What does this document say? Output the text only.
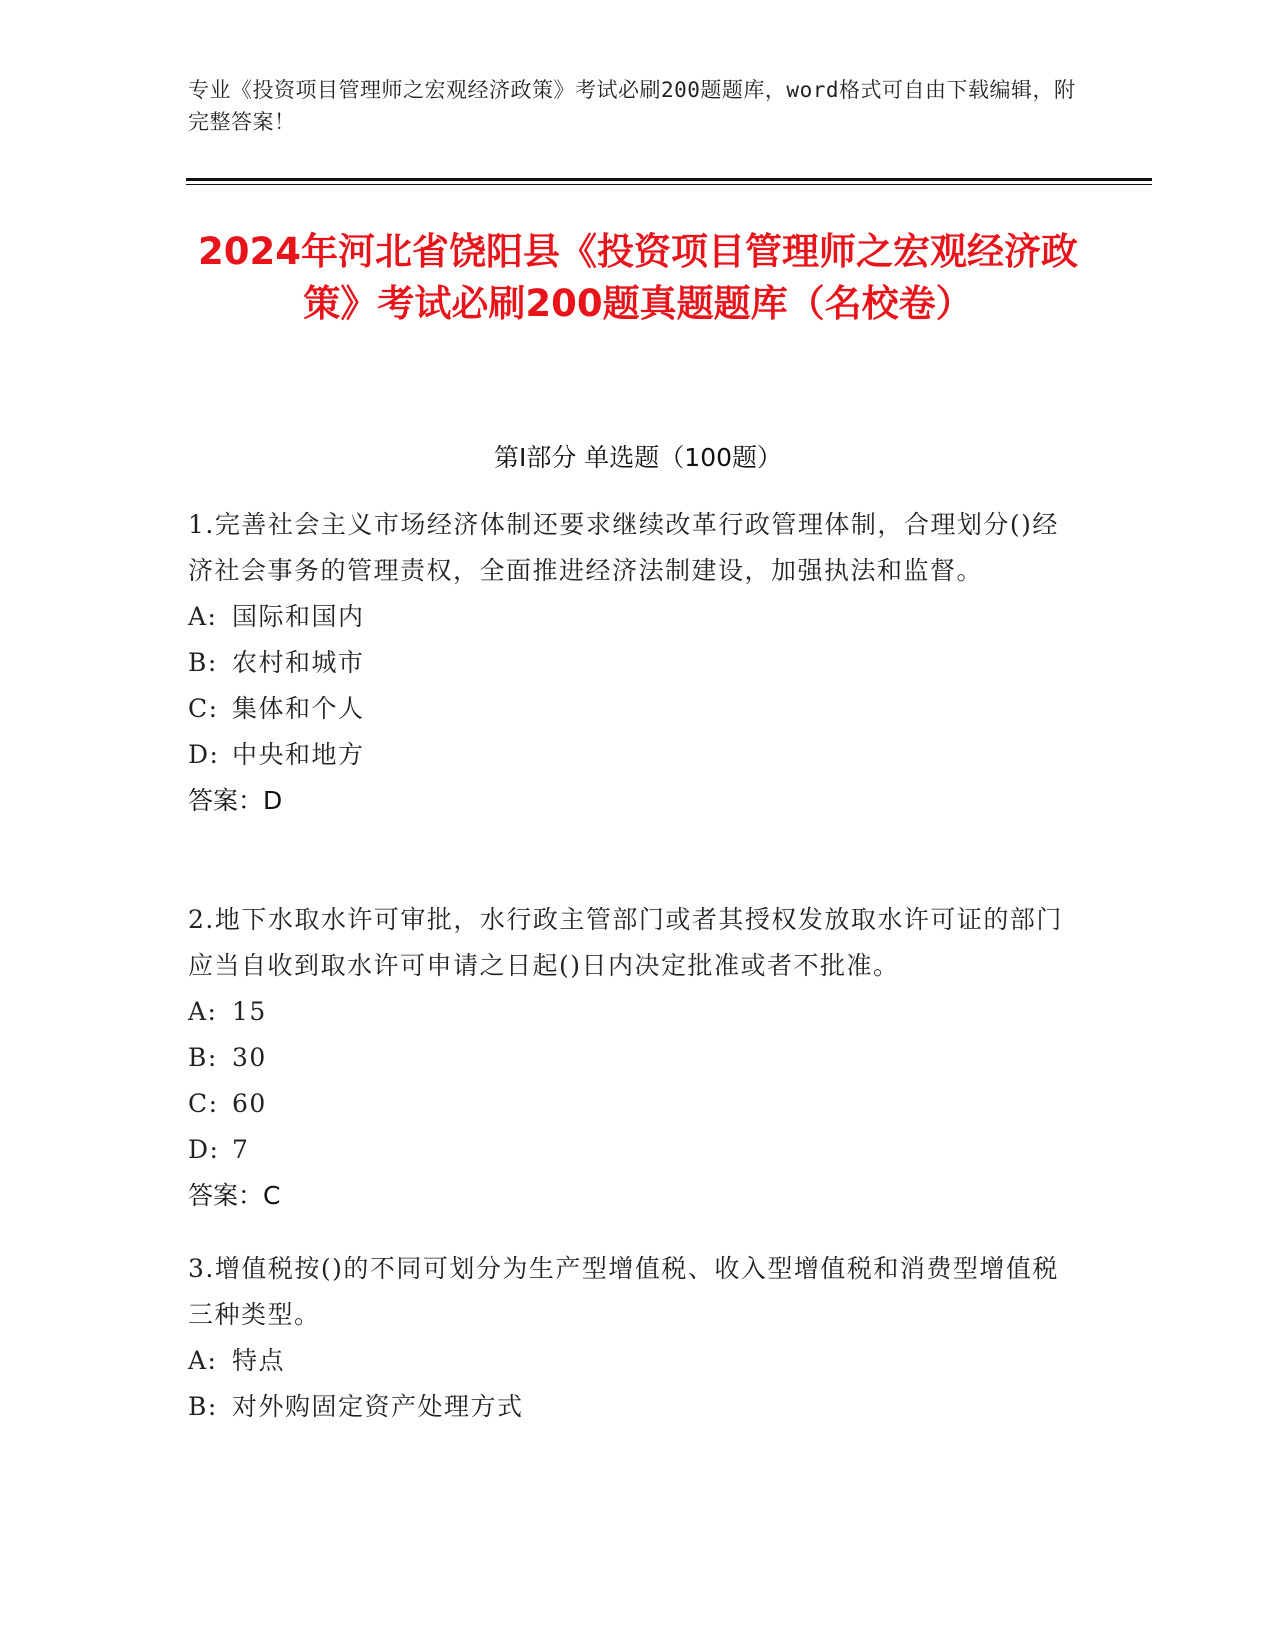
专业《投资项目管理师之宏观经济政策》考试必刷200题题库，word格式可自由下载编辑，附完整答案！
2024年河北省饶阳县《投资项目管理师之宏观经济政策》考试必刷200题真题题库（名校卷）
第I部分 单选题（100题）

1.完善社会主义市场经济体制还要求继续改革行政管理体制，合理划分()经济社会事务的管理责权，全面推进经济法制建设，加强执法和监督。

A: 国际和国内
B: 农村和城市
C: 集体和个人
D: 中央和地方
答案：D

2.地下水取水许可审批，水行政主管部门或者其授权发放取水许可证的部门应当自收到取水许可申请之日起()日内决定批准或者不批准。

A: 15
B: 30
C: 60
D: 7
答案：C

3.增值税按()的不同可划分为生产型增值税、收入型增值税和消费型增值税三种类型。

A: 特点
B: 对外购固定资产处理方式
